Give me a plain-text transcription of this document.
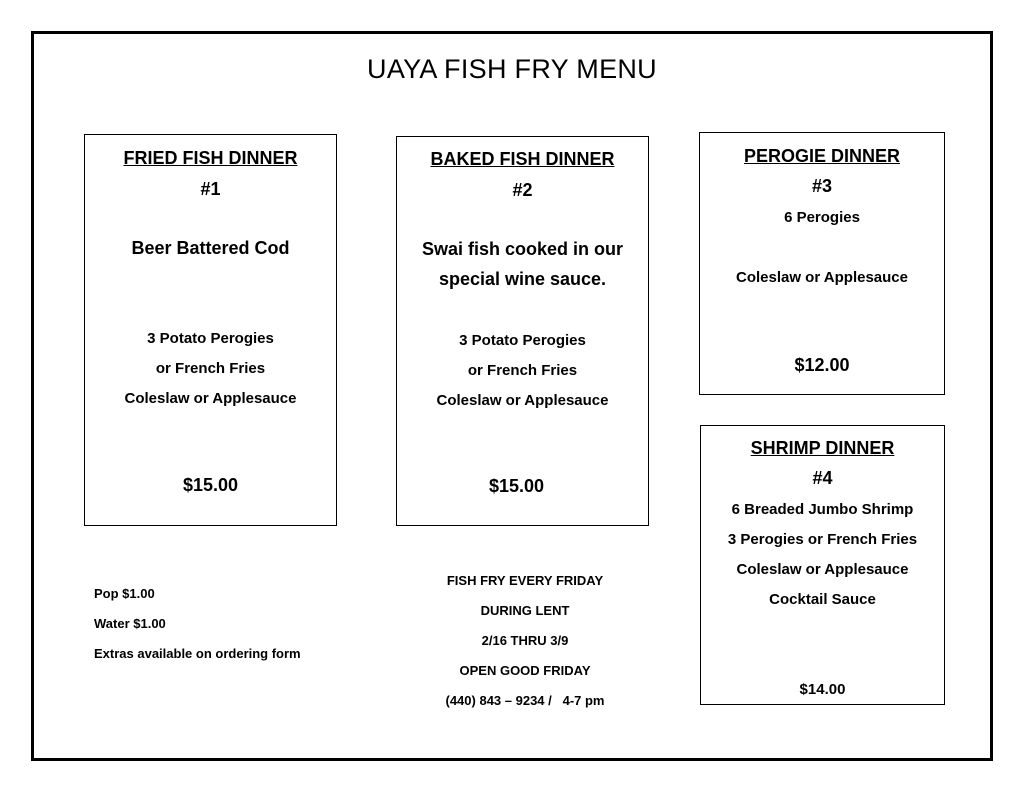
UAYA FISH FRY MENU
FRIED FISH DINNER
#1
Beer Battered Cod
3 Potato Perogies
or French Fries
Coleslaw or Applesauce
$15.00
BAKED FISH DINNER
#2
Swai fish cooked in our
special wine sauce.
3 Potato Perogies
or French Fries
Coleslaw or Applesauce
$15.00
PEROGIE DINNER
#3
6 Perogies
Coleslaw or Applesauce
$12.00
SHRIMP DINNER
#4
6 Breaded Jumbo Shrimp
3 Perogies or French Fries
Coleslaw or Applesauce
Cocktail Sauce
$14.00
Pop $1.00
Water $1.00
Extras available on ordering form
FISH FRY EVERY FRIDAY
DURING LENT
2/16 THRU 3/9
OPEN GOOD FRIDAY
(440) 843 – 9234 /   4-7 pm
